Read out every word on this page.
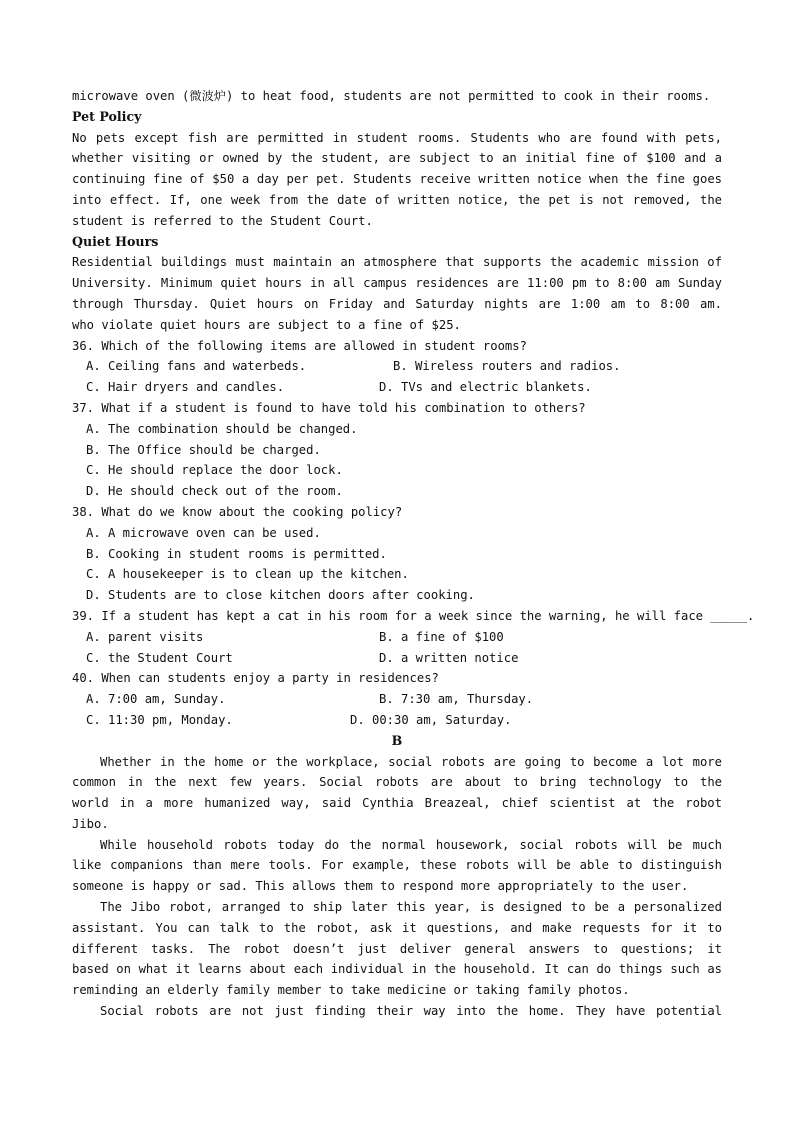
microwave oven (微波炉) to heat food, students are not permitted to cook in their rooms.
Pet Policy
No pets except fish are permitted in student rooms. Students who are found with pets,
whether visiting or owned by the student, are subject to an initial fine of $100 and a
continuing fine of $50 a day per pet. Students receive written notice when the fine goes
into effect. If, one week from the date of written notice, the pet is not removed, the
student is referred to the Student Court.
Quiet Hours
Residential buildings must maintain an atmosphere that supports the academic mission of
University. Minimum quiet hours in all campus residences are 11:00 pm to 8:00 am Sunday
through Thursday. Quiet hours on Friday and Saturday nights are 1:00 am to 8:00 am.
who violate quiet hours are subject to a fine of $25.
36. Which of the following items are allowed in student rooms?
A. Ceiling fans and waterbeds.	B. Wireless routers and radios.
C. Hair dryers and candles.	D. TVs and electric blankets.
37. What if a student is found to have told his combination to others?
A. The combination should be changed.
B. The Office should be charged.
C. He should replace the door lock.
D. He should check out of the room.
38. What do we know about the cooking policy?
A. A microwave oven can be used.
B. Cooking in student rooms is permitted.
C. A housekeeper is to clean up the kitchen.
D. Students are to close kitchen doors after cooking.
39. If a student has kept a cat in his room for a week since the warning, he will face _____.
A. parent visits	B. a fine of $100
C. the Student Court	D. a written notice
40. When can students enjoy a party in residences?
A. 7:00 am, Sunday.	B. 7:30 am, Thursday.
C. 11:30 pm, Monday.	D. 00:30 am, Saturday.
B
Whether in the home or the workplace, social robots are going to become a lot more
common in the next few years. Social robots are about to bring technology to the
world in a more humanized way, said Cynthia Breazeal, chief scientist at the robot
Jibo.
While household robots today do the normal housework, social robots will be much
like companions than mere tools. For example, these robots will be able to distinguish
someone is happy or sad. This allows them to respond more appropriately to the user.
The Jibo robot, arranged to ship later this year, is designed to be a personalized
assistant. You can talk to the robot, ask it questions, and make requests for it to
different tasks. The robot doesn’t just deliver general answers to questions; it
based on what it learns about each individual in the household. It can do things such as
reminding an elderly family member to take medicine or taking family photos.
Social robots are not just finding their way into the home. They have potential
